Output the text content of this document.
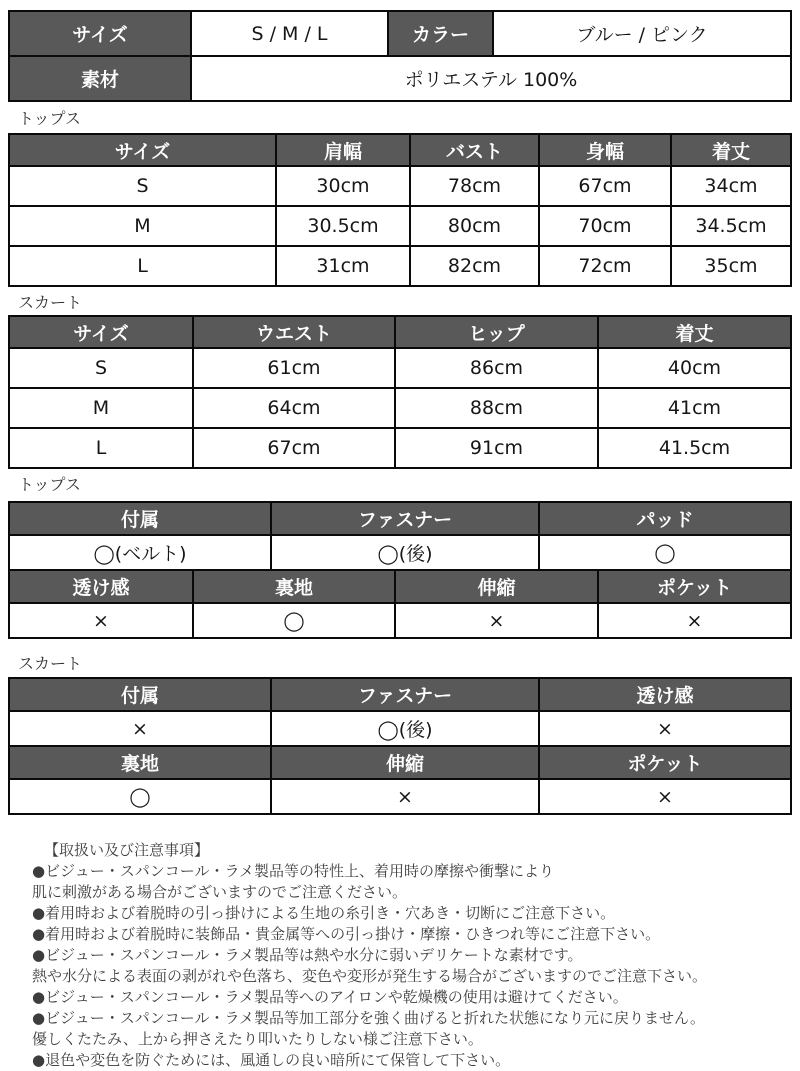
サイズ	S / M / L	カラー	ブルー / ピンク
素材	ポリエステル 100%
トップス
サイズ	肩幅	バスト	身幅	着丈
S	30cm	78cm	67cm	34cm
M	30.5cm	80cm	70cm	34.5cm
L	31cm	82cm	72cm	35cm
スカート
サイズ	ウエスト	ヒップ	着丈
S	61cm	86cm	40cm
M	64cm	88cm	41cm
L	67cm	91cm	41.5cm
トップス
付属	ファスナー	パッド
◯(ベルト)	◯(後)	◯
透け感	裏地	伸縮	ポケット
×	◯	×	×
スカート
付属	ファスナー	透け感
×	◯(後)	×
裏地	伸縮	ポケット
◯	×	×
【取扱い及び注意事項】
●ビジュー・スパンコール・ラメ製品等の特性上、着用時の摩擦や衝撃により
肌に刺激がある場合がございますのでご注意ください。
●着用時および着脱時の引っ掛けによる生地の糸引き・穴あき・切断にご注意下さい。
●着用時および着脱時に装飾品・貴金属等への引っ掛け・摩擦・ひきつれ等にご注意下さい。
●ビジュー・スパンコール・ラメ製品等は熱や水分に弱いデリケートな素材です。
熱や水分による表面の剥がれや色落ち、変色や変形が発生する場合がございますのでご注意下さい。
●ビジュー・スパンコール・ラメ製品等へのアイロンや乾燥機の使用は避けてください。
●ビジュー・スパンコール・ラメ製品等加工部分を強く曲げると折れた状態になり元に戻りません。
優しくたたみ、上から押さえたり叩いたりしない様ご注意下さい。
●退色や変色を防ぐためには、風通しの良い暗所にて保管して下さい。
